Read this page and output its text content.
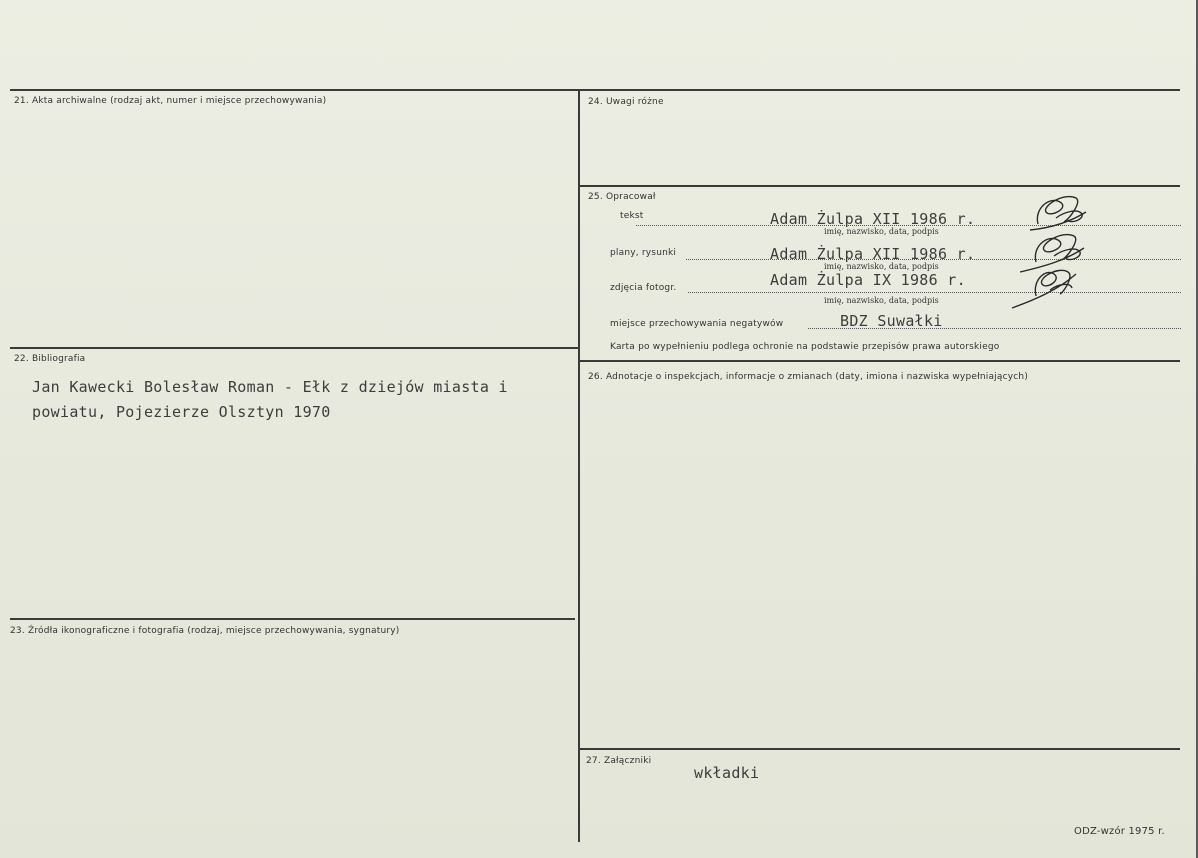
21. Akta archiwalne (rodzaj akt, numer i miejsce przechowywania)
22. Bibliografia
Jan Kawecki Bolesław Roman - Ełk z dziejów miasta i
powiatu, Pojezierze Olsztyn 1970
23. Źródła ikonograficzne i fotografia (rodzaj, miejsce przechowywania, sygnatury)
24. Uwagi różne
25. Opracował
tekst	Adam Żulpa XII 1986 r.
imię, nazwisko, data, podpis
plany, rysunki	Adam Żulpa XII 1986 r.
imię, nazwisko, data, podpis
zdjęcia fotogr.	Adam Żulpa IX 1986 r.
imię, nazwisko, data, podpis
miejsce przechowywania negatywów	BDZ Suwałki
Karta po wypełnieniu podlega ochronie na podstawie przepisów prawa autorskiego
26. Adnotacje o inspekcjach, informacje o zmianach (daty, imiona i nazwiska wypełniających)
27. Załączniki
wkładki
ODZ-wzór 1975 r.
